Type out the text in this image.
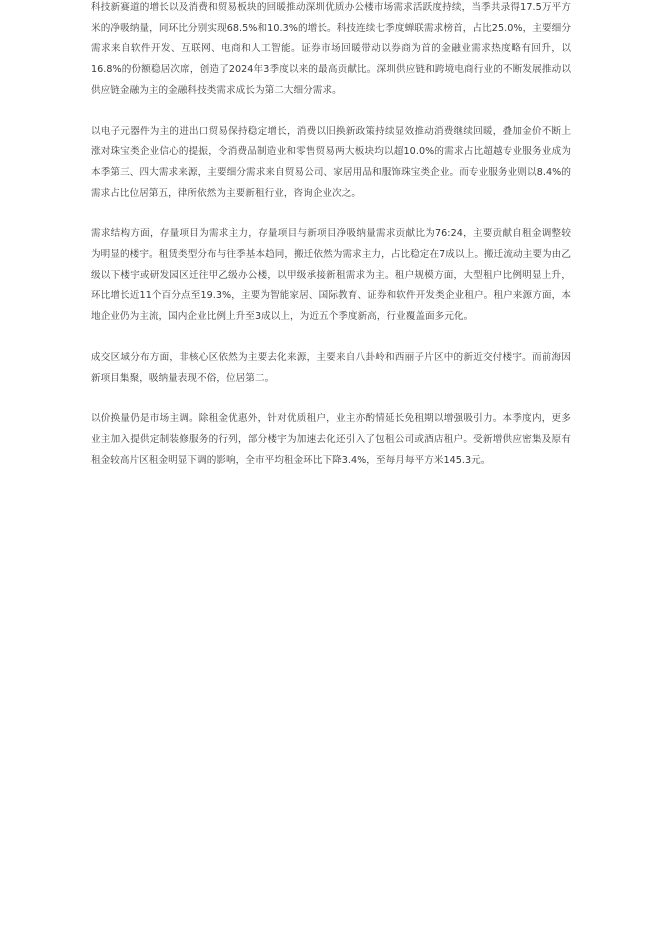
科技新赛道的增长以及消费和贸易板块的回暖推动深圳优质办公楼市场需求活跃度持续，当季共录得17.5万平方米的净吸纳量，同环比分别实现68.5%和10.3%的增长。科技连续七季度蝉联需求榜首，占比25.0%，主要细分需求来自软件开发、互联网、电商和人工智能。证券市场回暖带动以券商为首的金融业需求热度略有回升，以16.8%的份额稳居次席，创造了2024年3季度以来的最高贡献比。深圳供应链和跨境电商行业的不断发展推动以供应链金融为主的金融科技类需求成长为第二大细分需求。

以电子元器件为主的进出口贸易保持稳定增长，消费以旧换新政策持续显效推动消费继续回暖，叠加金价不断上涨对珠宝类企业信心的提振，令消费品制造业和零售贸易两大板块均以超10.0%的需求占比超越专业服务业成为本季第三、四大需求来源，主要细分需求来自贸易公司、家居用品和服饰珠宝类企业。而专业服务业则以8.4%的需求占比位居第五，律所依然为主要新租行业，咨询企业次之。

需求结构方面，存量项目为需求主力，存量项目与新项目净吸纳量需求贡献比为76:24，主要贡献自租金调整较为明显的楼宇。租赁类型分布与往季基本趋同，搬迁依然为需求主力，占比稳定在7成以上。搬迁流动主要为由乙级以下楼宇或研发园区迁往甲乙级办公楼，以甲级承接新租需求为主。租户规模方面，大型租户比例明显上升，环比增长近11个百分点至19.3%，主要为智能家居、国际教育、证券和软件开发类企业租户。租户来源方面，本地企业仍为主流，国内企业比例上升至3成以上，为近五个季度新高，行业覆盖面多元化。

成交区域分布方面，非核心区依然为主要去化来源，主要来自八卦岭和西丽子片区中的新近交付楼宇。而前海因新项目集聚，吸纳量表现不俗，位居第二。

以价换量仍是市场主调。除租金优惠外，针对优质租户，业主亦酌情延长免租期以增强吸引力。本季度内，更多业主加入提供定制装修服务的行列，部分楼宇为加速去化还引入了包租公司或酒店租户。受新增供应密集及原有租金较高片区租金明显下调的影响，全市平均租金环比下降3.4%，至每月每平方米145.3元。
